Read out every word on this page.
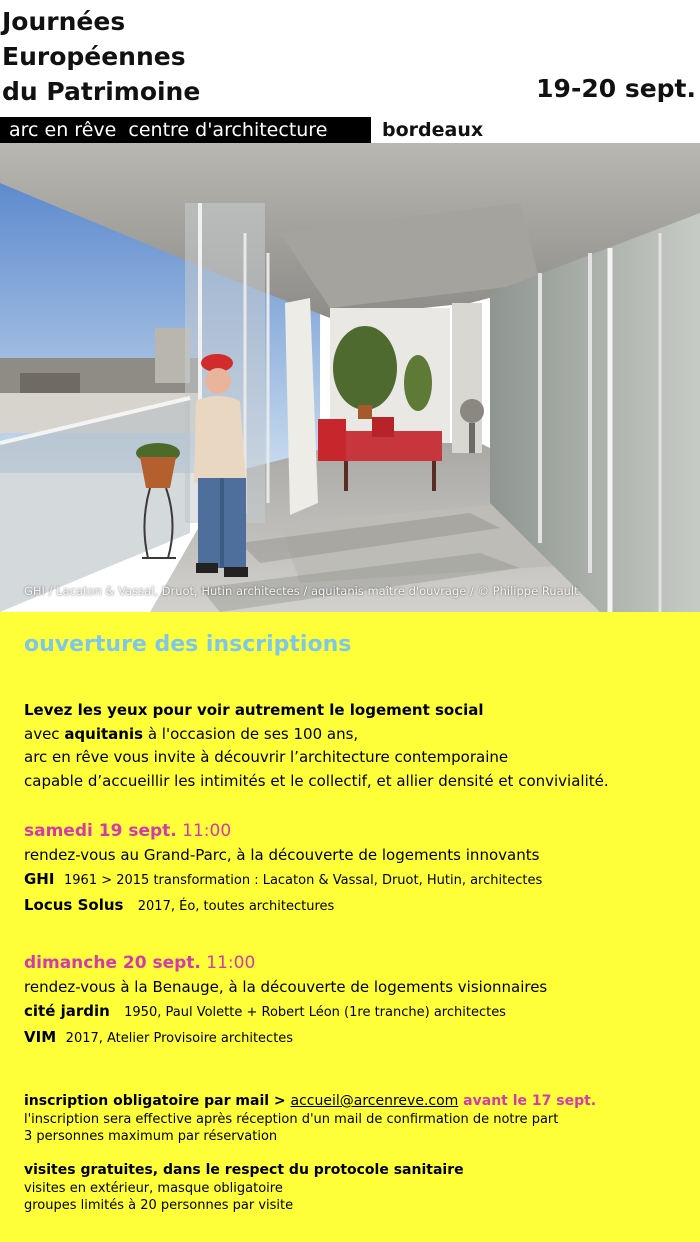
Journées
Européennes
du Patrimoine	19-20 sept.
arc en rêve  centre d'architecture	bordeaux
GHI / Lacaton & Vassal, Druot, Hutin architectes / aquitanis maître d'ouvrage / © Philippe Ruault
ouverture des inscriptions
Levez les yeux pour voir autrement le logement social
avec aquitanis à l'occasion de ses 100 ans,
arc en rêve vous invite à découvrir l’architecture contemporaine
capable d’accueillir les intimités et le collectif, et allier densité et convivialité.
samedi 19 sept. 11:00
rendez-vous au Grand-Parc, à la découverte de logements innovants
GHI 1961 > 2015 transformation : Lacaton & Vassal, Druot, Hutin, architectes
Locus Solus 2017, Éo, toutes architectures
dimanche 20 sept. 11:00
rendez-vous à la Benauge, à la découverte de logements visionnaires
cité jardin 1950, Paul Volette + Robert Léon (1re tranche) architectes
VIM 2017, Atelier Provisoire architectes
inscription obligatoire par mail > accueil@arcenreve.com avant le 17 sept.
l'inscription sera effective après réception d'un mail de confirmation de notre part
3 personnes maximum par réservation
visites gratuites, dans le respect du protocole sanitaire
visites en extérieur, masque obligatoire
groupes limités à 20 personnes par visite
